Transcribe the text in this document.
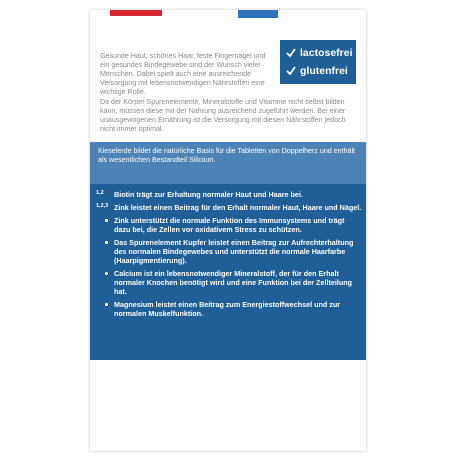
Gesunde Haut, schönes Haar, feste Fingernägel und ein gesundes Bindegewebe sind der Wunsch vieler Menschen. Dabei spielt auch eine ausreichende Versorgung mit lebensnotwendigen Nährstoffen eine wichtige Rolle.

Da der Körper Spurenelemente, Mineralstoffe und Vitamine nicht selbst bilden kann, müssen diese mit der Nahrung ausreichend zugeführt werden. Bei einer unausgewogenen Ernährung ist die Versorgung mit diesen Nährstoffen jedoch nicht immer optimal.
lactosefrei
glutenfrei
Kieselerde bildet die natürliche Basis für die Tabletten von Doppelherz und enthält als wesentlichen Bestandteil Silicium.
1,2 Biotin trägt zur Erhaltung normaler Haut und Haare bei.
1,2,3 Zink leistet einen Beitrag für den Erhalt normaler Haut, Haare und Nägel.
Zink unterstützt die normale Funktion des Immunsystems und trägt dazu bei, die Zellen vor oxidativem Stress zu schützen.
Das Spurenelement Kupfer leistet einen Beitrag zur Aufrechterhaltung des normalen Bindegewebes und unterstützt die normale Haarfarbe (Haarpigmentierung).
Calcium ist ein lebensnotwendiger Mineralstoff, der für den Erhalt normaler Knochen benötigt wird und eine Funktion bei der Zellteilung hat.
Magnesium leistet einen Beitrag zum Energiestoffwechsel und zur normalen Muskelfunktion.
